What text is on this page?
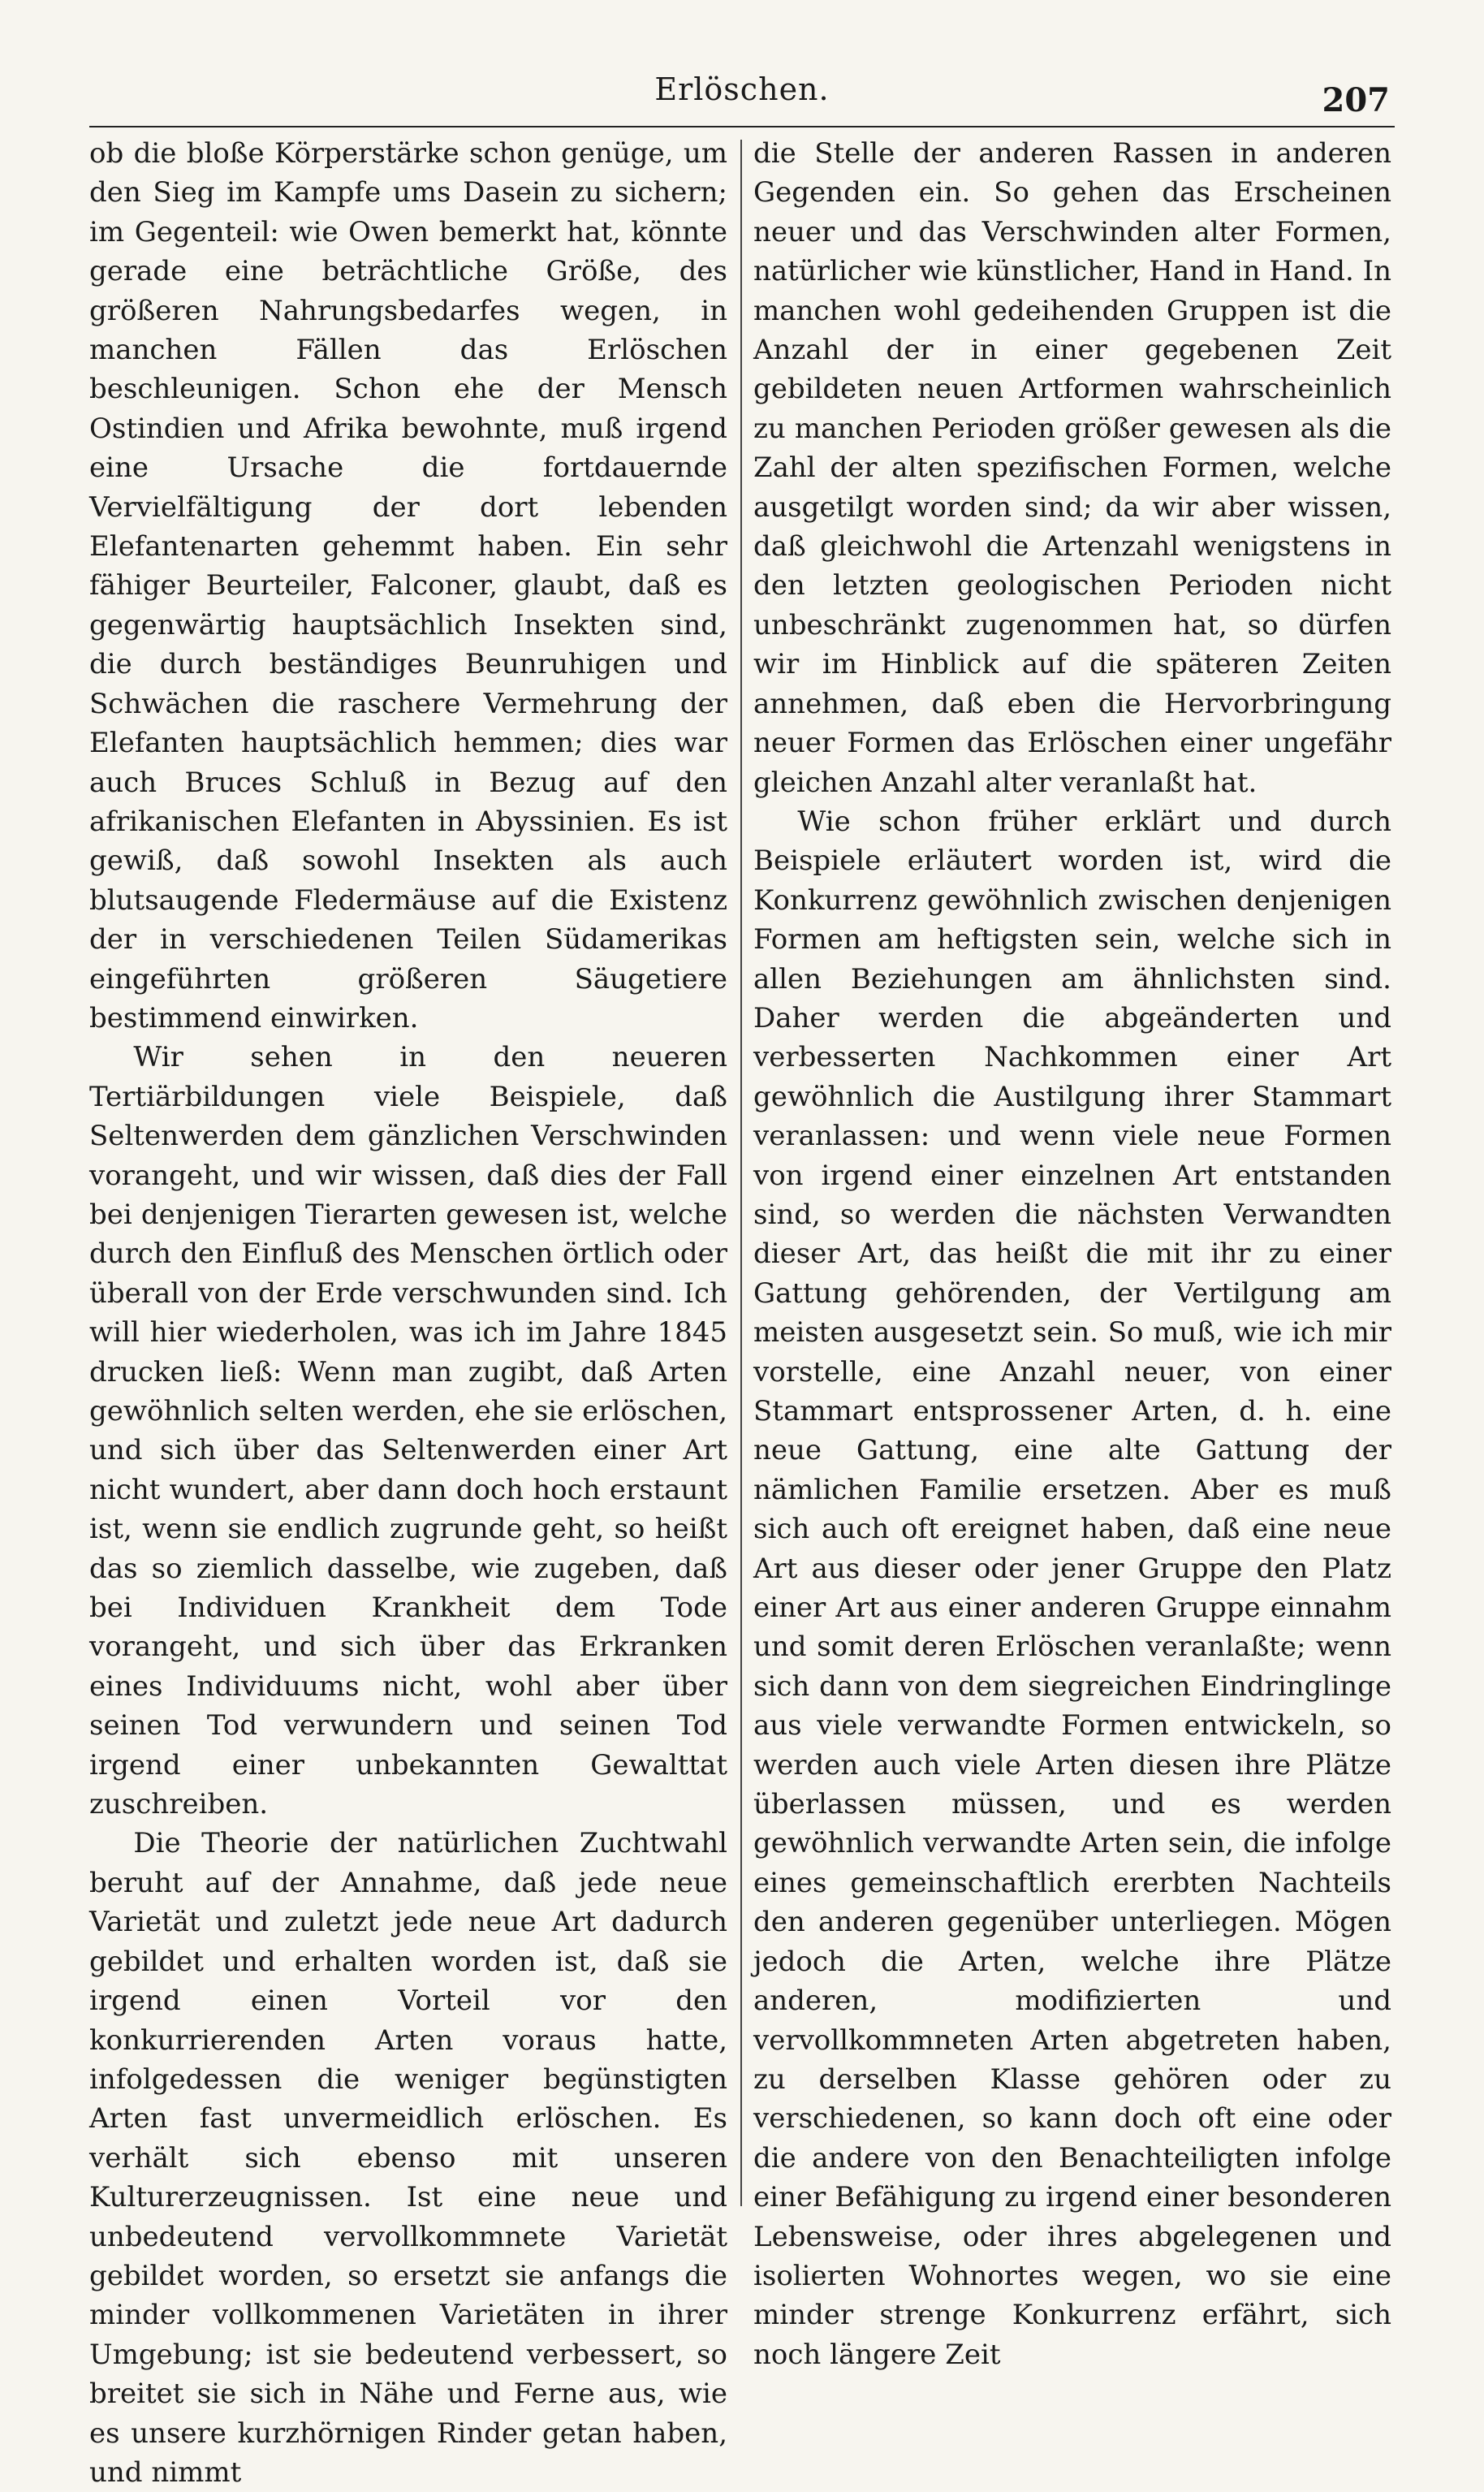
Erlöschen.	207

ob die bloße Körperstärke schon genüge, um den Sieg im Kampfe ums Dasein zu sichern; im Gegenteil: wie Owen bemerkt hat, könnte gerade eine beträchtliche Größe, des größeren Nahrungsbedarfes wegen, in manchen Fällen das Erlöschen beschleunigen. Schon ehe der Mensch Ostindien und Afrika bewohnte, muß irgend eine Ursache die fortdauernde Vervielfältigung der dort lebenden Elefantenarten gehemmt haben. Ein sehr fähiger Beurteiler, Falconer, glaubt, daß es gegenwärtig hauptsächlich Insekten sind, die durch beständiges Beunruhigen und Schwächen die raschere Vermehrung der Elefanten hauptsächlich hemmen; dies war auch Bruces Schluß in Bezug auf den afrikanischen Elefanten in Abyssinien. Es ist gewiß, daß sowohl Insekten als auch blutsaugende Fledermäuse auf die Existenz der in verschiedenen Teilen Südamerikas eingeführten größeren Säugetiere bestimmend einwirken.

Wir sehen in den neueren Tertiärbildungen viele Beispiele, daß Seltenwerden dem gänzlichen Verschwinden vorangeht, und wir wissen, daß dies der Fall bei denjenigen Tierarten gewesen ist, welche durch den Einfluß des Menschen örtlich oder überall von der Erde verschwunden sind. Ich will hier wiederholen, was ich im Jahre 1845 drucken ließ: Wenn man zugibt, daß Arten gewöhnlich selten werden, ehe sie erlöschen, und sich über das Seltenwerden einer Art nicht wundert, aber dann doch hoch erstaunt ist, wenn sie endlich zugrunde geht, so heißt das so ziemlich dasselbe, wie zugeben, daß bei Individuen Krankheit dem Tode vorangeht, und sich über das Erkranken eines Individuums nicht, wohl aber über seinen Tod verwundern und seinen Tod irgend einer unbekannten Gewalttat zuschreiben.

Die Theorie der natürlichen Zuchtwahl beruht auf der Annahme, daß jede neue Varietät und zuletzt jede neue Art dadurch gebildet und erhalten worden ist, daß sie irgend einen Vorteil vor den konkurrierenden Arten voraus hatte, infolgedessen die weniger begünstigten Arten fast unvermeidlich erlöschen. Es verhält sich ebenso mit unseren Kulturerzeugnissen. Ist eine neue und unbedeutend vervollkommnete Varietät gebildet worden, so ersetzt sie anfangs die minder vollkommenen Varietäten in ihrer Umgebung; ist sie bedeutend verbessert, so breitet sie sich in Nähe und Ferne aus, wie es unsere kurzhörnigen Rinder getan haben, und nimmt

die Stelle der anderen Rassen in anderen Gegenden ein. So gehen das Erscheinen neuer und das Verschwinden alter Formen, natürlicher wie künstlicher, Hand in Hand. In manchen wohl gedeihenden Gruppen ist die Anzahl der in einer gegebenen Zeit gebildeten neuen Artformen wahrscheinlich zu manchen Perioden größer gewesen als die Zahl der alten spezifischen Formen, welche ausgetilgt worden sind; da wir aber wissen, daß gleichwohl die Artenzahl wenigstens in den letzten geologischen Perioden nicht unbeschränkt zugenommen hat, so dürfen wir im Hinblick auf die späteren Zeiten annehmen, daß eben die Hervorbringung neuer Formen das Erlöschen einer ungefähr gleichen Anzahl alter veranlaßt hat.

Wie schon früher erklärt und durch Beispiele erläutert worden ist, wird die Konkurrenz gewöhnlich zwischen denjenigen Formen am heftigsten sein, welche sich in allen Beziehungen am ähnlichsten sind. Daher werden die abgeänderten und verbesserten Nachkommen einer Art gewöhnlich die Austilgung ihrer Stammart veranlassen: und wenn viele neue Formen von irgend einer einzelnen Art entstanden sind, so werden die nächsten Verwandten dieser Art, das heißt die mit ihr zu einer Gattung gehörenden, der Vertilgung am meisten ausgesetzt sein. So muß, wie ich mir vorstelle, eine Anzahl neuer, von einer Stammart entsprossener Arten, d. h. eine neue Gattung, eine alte Gattung der nämlichen Familie ersetzen. Aber es muß sich auch oft ereignet haben, daß eine neue Art aus dieser oder jener Gruppe den Platz einer Art aus einer anderen Gruppe einnahm und somit deren Erlöschen veranlaßte; wenn sich dann von dem siegreichen Eindringlinge aus viele verwandte Formen entwickeln, so werden auch viele Arten diesen ihre Plätze überlassen müssen, und es werden gewöhnlich verwandte Arten sein, die infolge eines gemeinschaftlich ererbten Nachteils den anderen gegenüber unterliegen. Mögen jedoch die Arten, welche ihre Plätze anderen, modifizierten und vervollkommneten Arten abgetreten haben, zu derselben Klasse gehören oder zu verschiedenen, so kann doch oft eine oder die andere von den Benachteiligten infolge einer Befähigung zu irgend einer besonderen Lebensweise, oder ihres abgelegenen und isolierten Wohnortes wegen, wo sie eine minder strenge Konkurrenz erfährt, sich noch längere Zeit
